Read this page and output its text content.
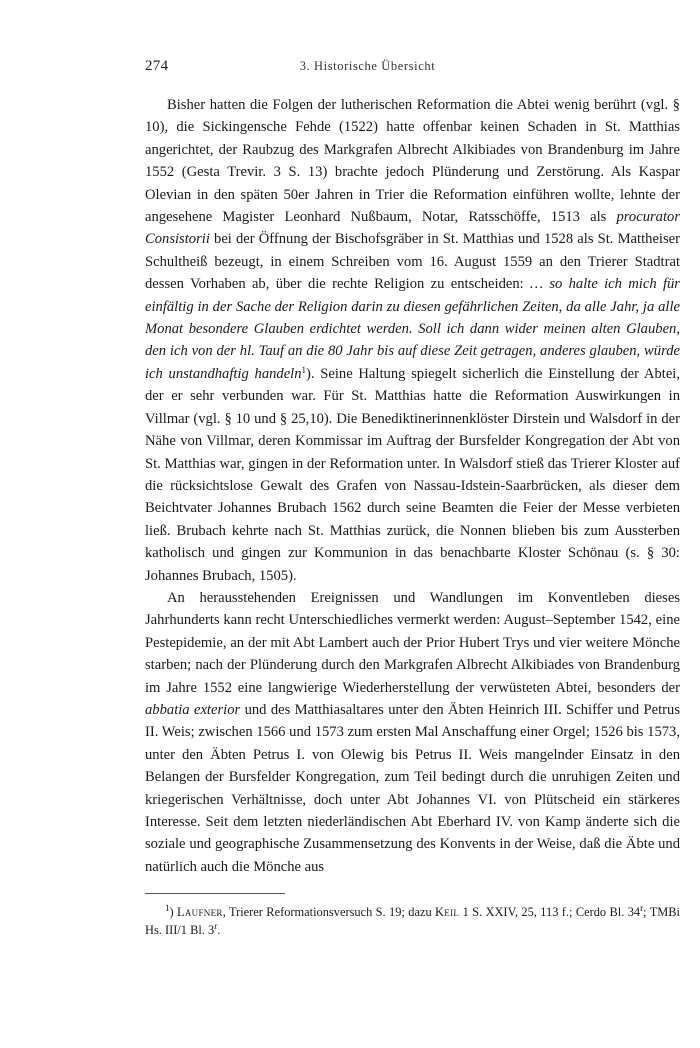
274	3. Historische Übersicht

Bisher hatten die Folgen der lutherischen Reformation die Abtei wenig berührt (vgl. § 10), die Sickingensche Fehde (1522) hatte offenbar keinen Schaden in St. Matthias angerichtet, der Raubzug des Markgrafen Albrecht Alkibiades von Brandenburg im Jahre 1552 (Gesta Trevir. 3 S. 13) brachte jedoch Plünderung und Zerstörung. Als Kaspar Olevian in den späten 50er Jahren in Trier die Reformation einführen wollte, lehnte der angesehene Magister Leonhard Nußbaum, Notar, Ratsschöffe, 1513 als procurator Consistorii bei der Öffnung der Bischofsgräber in St. Matthias und 1528 als St. Mattheiser Schultheiß bezeugt, in einem Schreiben vom 16. August 1559 an den Trierer Stadtrat dessen Vorhaben ab, über die rechte Religion zu entscheiden: … so halte ich mich für einfältig in der Sache der Religion darin zu diesen gefährlichen Zeiten, da alle Jahr, ja alle Monat besondere Glauben erdichtet werden. Soll ich dann wider meinen alten Glauben, den ich von der hl. Tauf an die 80 Jahr bis auf diese Zeit getragen, anderes glauben, würde ich unstandhaftig handeln$^1$). Seine Haltung spiegelt sicherlich die Einstellung der Abtei, der er sehr verbunden war. Für St. Matthias hatte die Reformation Auswirkungen in Villmar (vgl. § 10 und § 25,10). Die Benediktinerinnenklöster Dirstein und Walsdorf in der Nähe von Villmar, deren Kommissar im Auftrag der Bursfelder Kongregation der Abt von St. Matthias war, gingen in der Reformation unter. In Walsdorf stieß das Trierer Kloster auf die rücksichtslose Gewalt des Grafen von Nassau-Idstein-Saarbrücken, als dieser dem Beichtvater Johannes Brubach 1562 durch seine Beamten die Feier der Messe verbieten ließ. Brubach kehrte nach St. Matthias zurück, die Nonnen blieben bis zum Aussterben katholisch und gingen zur Kommunion in das benachbarte Kloster Schönau (s. § 30: Johannes Brubach, 1505).

An herausstehenden Ereignissen und Wandlungen im Konventleben dieses Jahrhunderts kann recht Unterschiedliches vermerkt werden: August–September 1542, eine Pestepidemie, an der mit Abt Lambert auch der Prior Hubert Trys und vier weitere Mönche starben; nach der Plünderung durch den Markgrafen Albrecht Alkibiades von Brandenburg im Jahre 1552 eine langwierige Wiederherstellung der verwüsteten Abtei, besonders der abbatia exterior und des Matthiasaltares unter den Äbten Heinrich III. Schiffer und Petrus II. Weis; zwischen 1566 und 1573 zum ersten Mal Anschaffung einer Orgel; 1526 bis 1573, unter den Äbten Petrus I. von Olewig bis Petrus II. Weis mangelnder Einsatz in den Belangen der Bursfelder Kongregation, zum Teil bedingt durch die unruhigen Zeiten und kriegerischen Verhältnisse, doch unter Abt Johannes VI. von Plütscheid ein stärkeres Interesse. Seit dem letzten niederländischen Abt Eberhard IV. von Kamp änderte sich die soziale und geographische Zusammensetzung des Konvents in der Weise, daß die Äbte und natürlich auch die Mönche aus

$^1$) Laufner, Trierer Reformationsversuch S. 19; dazu Keil 1 S. XXIV, 25, 113 f.; Cerdo Bl. 34$^r$; TMBi Hs. III/1 Bl. 3$^r$.
